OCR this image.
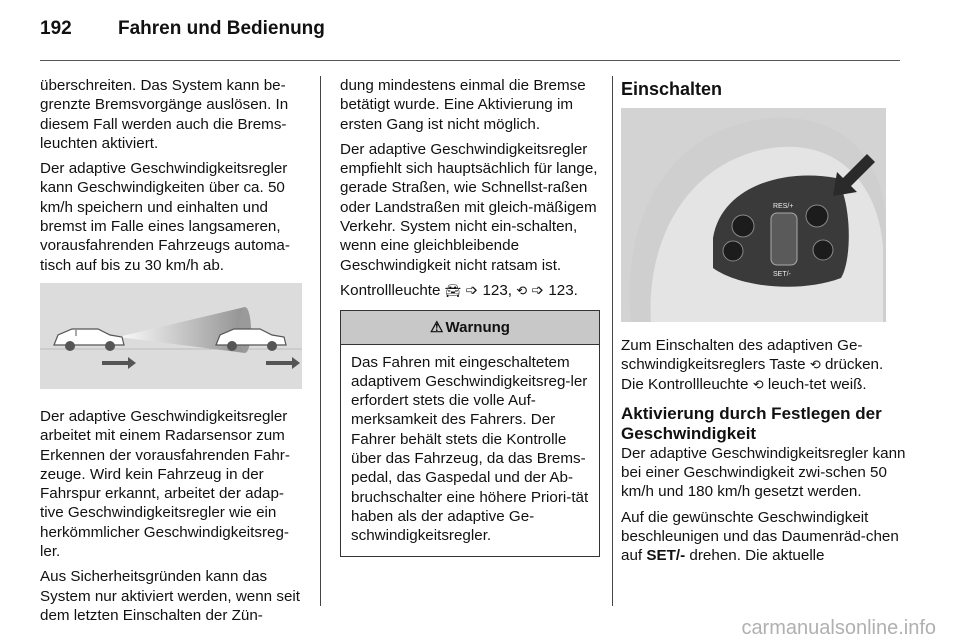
192	Fahren und Bedienung

überschreiten. Das System kann be-grenzte Bremsvorgänge auslösen. In diesem Fall werden auch die Brems-leuchten aktiviert.

Der adaptive Geschwindigkeitsregler kann Geschwindigkeiten über ca. 50 km/h speichern und einhalten und bremst im Falle eines langsameren, vorausfahrenden Fahrzeugs automa-tisch auf bis zu 30 km/h ab.

Der adaptive Geschwindigkeitsregler arbeitet mit einem Radarsensor zum Erkennen der vorausfahrenden Fahr-zeuge. Wird kein Fahrzeug in der Fahrspur erkannt, arbeitet der adap-tive Geschwindigkeitsregler wie ein herkömmlicher Geschwindigkeitsreg-ler.

Aus Sicherheitsgründen kann das System nur aktiviert werden, wenn seit dem letzten Einschalten der Zün-

dung mindestens einmal die Bremse betätigt wurde. Eine Aktivierung im ersten Gang ist nicht möglich.

Der adaptive Geschwindigkeitsregler empfiehlt sich hauptsächlich für lange, gerade Straßen, wie Schnellst-raßen oder Landstraßen mit gleich-mäßigem Verkehr. System nicht ein-schalten, wenn eine gleichbleibende Geschwindigkeit nicht ratsam ist.

Kontrollleuchte 🚘︎ ➩ 123, ⟲ ➩ 123.

⚠ Warnung
Das Fahren mit eingeschaltetem adaptivem Geschwindigkeitsreg-ler erfordert stets die volle Auf-merksamkeit des Fahrers. Der Fahrer behält stets die Kontrolle über das Fahrzeug, da das Brems-pedal, das Gaspedal und der Ab-bruchschalter eine höhere Priori-tät haben als der adaptive Ge-schwindigkeitsregler.
Einschalten
RES/+
SET/-

Zum Einschalten des adaptiven Ge-schwindigkeitsreglers Taste ⟲ drücken. Die Kontrollleuchte ⟲ leuch-tet weiß.

Aktivierung durch Festlegen der Geschwindigkeit

Der adaptive Geschwindigkeitsregler kann bei einer Geschwindigkeit zwi-schen 50 km/h und 180 km/h gesetzt werden.

Auf die gewünschte Geschwindigkeit beschleunigen und das Daumenräd-chen auf SET/- drehen. Die aktuelle

carmanualsonline.info
